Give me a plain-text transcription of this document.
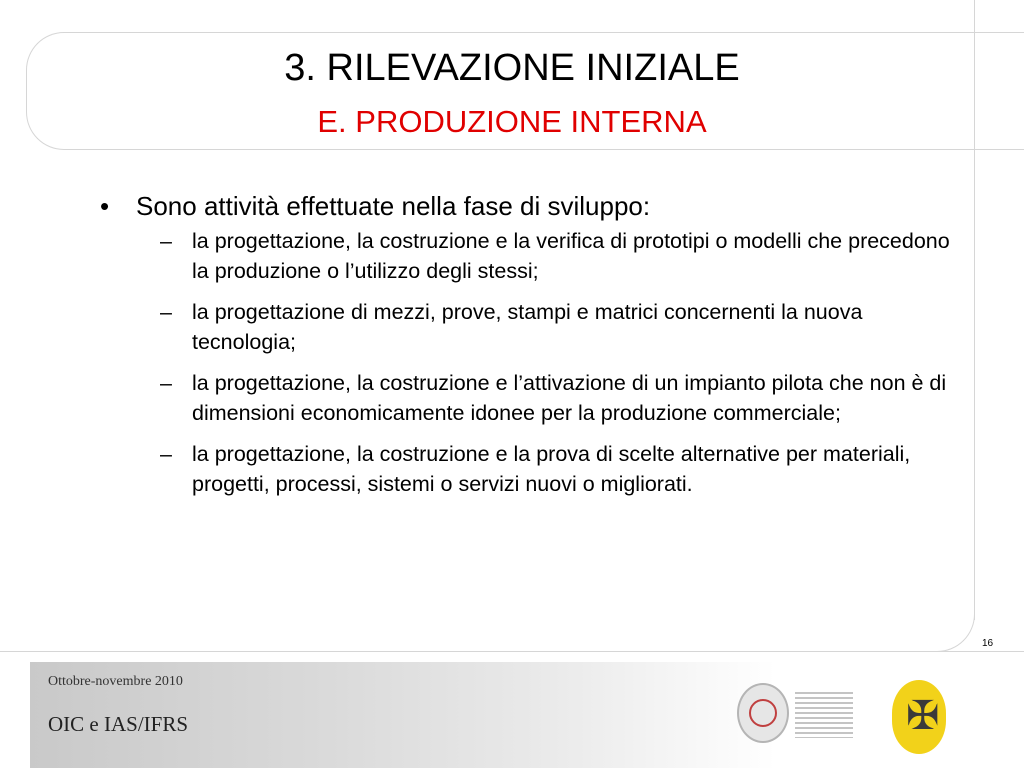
3. RILEVAZIONE INIZIALE
E. PRODUZIONE INTERNA
• Sono attività effettuate nella fase di sviluppo:
– la progettazione, la costruzione e la verifica di prototipi o modelli che precedono la produzione o l’utilizzo degli stessi;
– la progettazione di mezzi, prove, stampi e matrici concernenti la nuova tecnologia;
– la progettazione, la costruzione e l’attivazione di un impianto pilota che non è di dimensioni economicamente idonee per la produzione commerciale;
– la progettazione, la costruzione e la prova di scelte alternative per materiali, progetti, processi, sistemi o servizi nuovi o migliorati.
16
Ottobre-novembre 2010
OIC e IAS/IFRS	✠
